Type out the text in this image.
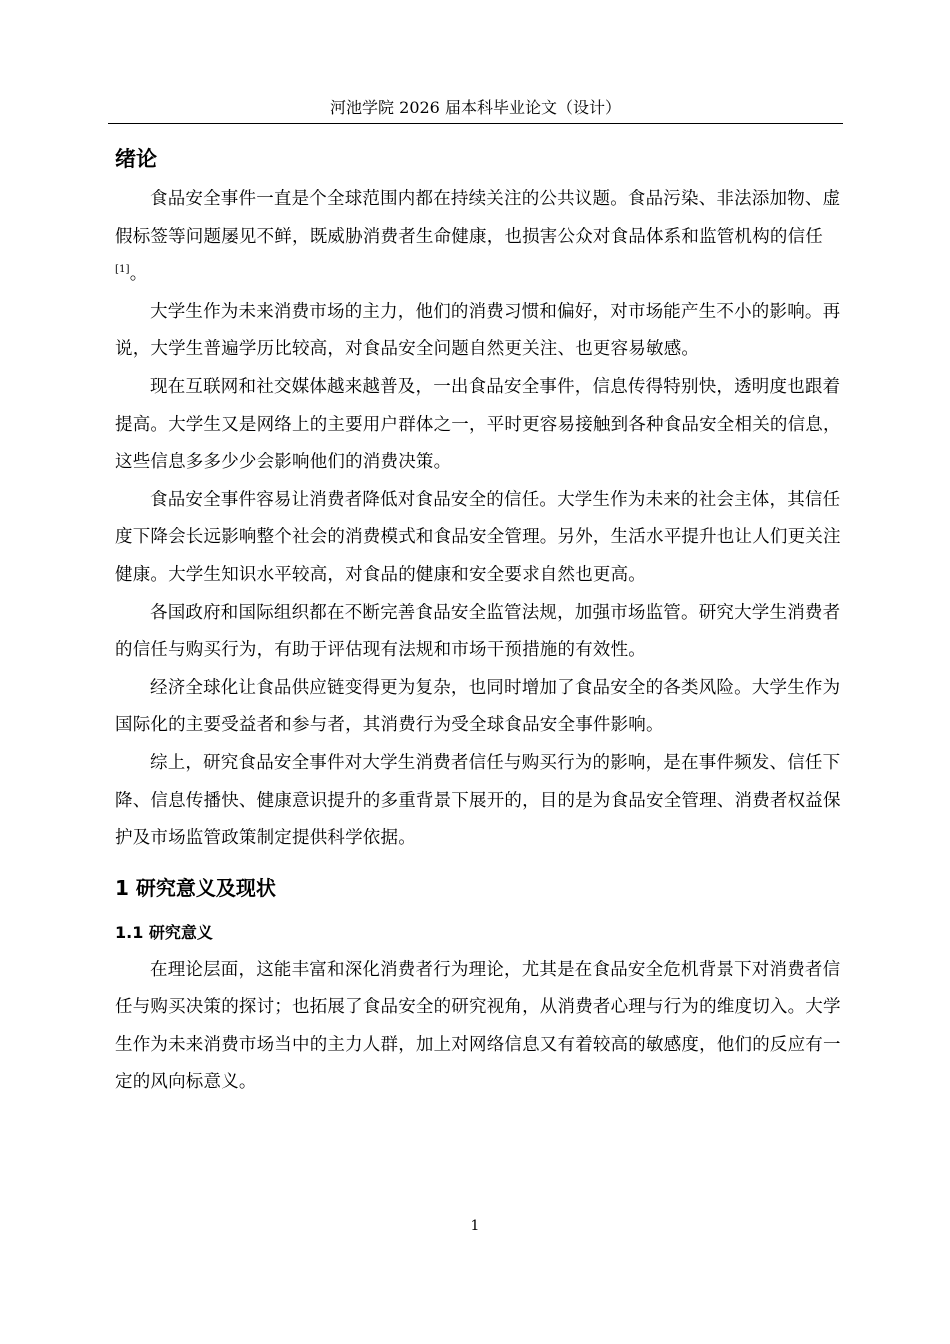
河池学院 2026 届本科毕业论文（设计）
绪论

食品安全事件一直是个全球范围内都在持续关注的公共议题。食品污染、非法添加物、虚假标签等问题屡见不鲜，既威胁消费者生命健康，也损害公众对食品体系和监管机构的信任[1]。

大学生作为未来消费市场的主力，他们的消费习惯和偏好，对市场能产生不小的影响。再说，大学生普遍学历比较高，对食品安全问题自然更关注、也更容易敏感。

现在互联网和社交媒体越来越普及，一出食品安全事件，信息传得特别快，透明度也跟着提高。大学生又是网络上的主要用户群体之一，平时更容易接触到各种食品安全相关的信息，这些信息多多少少会影响他们的消费决策。

食品安全事件容易让消费者降低对食品安全的信任。大学生作为未来的社会主体，其信任度下降会长远影响整个社会的消费模式和食品安全管理。另外，生活水平提升也让人们更关注健康。大学生知识水平较高，对食品的健康和安全要求自然也更高。

各国政府和国际组织都在不断完善食品安全监管法规，加强市场监管。研究大学生消费者的信任与购买行为，有助于评估现有法规和市场干预措施的有效性。

经济全球化让食品供应链变得更为复杂，也同时增加了食品安全的各类风险。大学生作为国际化的主要受益者和参与者，其消费行为受全球食品安全事件影响。

综上，研究食品安全事件对大学生消费者信任与购买行为的影响，是在事件频发、信任下降、信息传播快、健康意识提升的多重背景下展开的，目的是为食品安全管理、消费者权益保护及市场监管政策制定提供科学依据。

1 研究意义及现状
1.1 研究意义

在理论层面，这能丰富和深化消费者行为理论，尤其是在食品安全危机背景下对消费者信任与购买决策的探讨；也拓展了食品安全的研究视角，从消费者心理与行为的维度切入。大学生作为未来消费市场当中的主力人群，加上对网络信息又有着较高的敏感度，他们的反应有一定的风向标意义。

1
